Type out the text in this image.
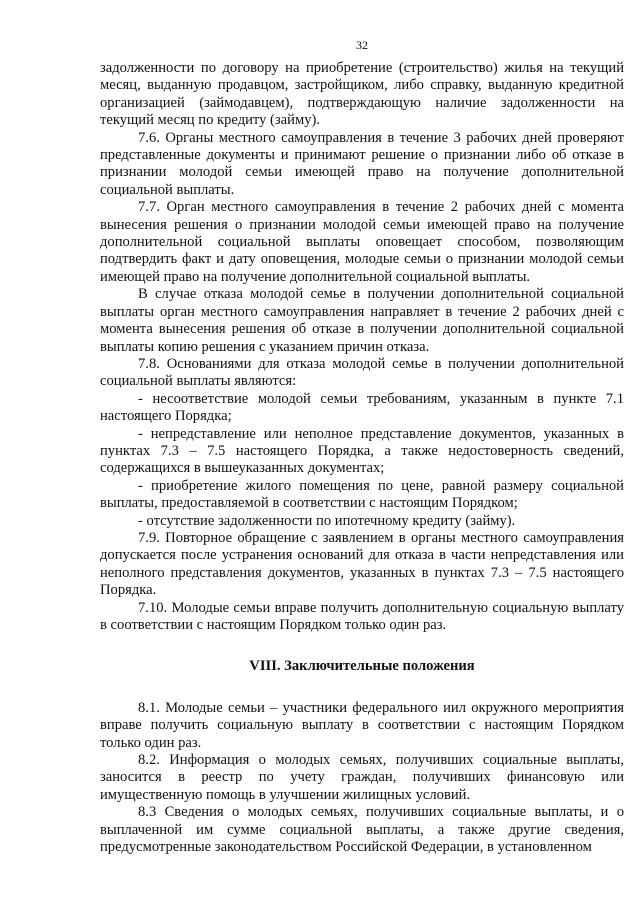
32

задолженности по договору на приобретение (строительство) жилья на текущий месяц, выданную продавцом, застройщиком, либо справку, выданную кредитной организацией (займодавцем), подтверждающую наличие задолженности на текущий месяц по кредиту (займу).

7.6. Органы местного самоуправления в течение 3 рабочих дней проверяют представленные документы и принимают решение о признании либо об отказе в признании молодой семьи имеющей право на получение дополнительной социальной выплаты.

7.7. Орган местного самоуправления в течение 2 рабочих дней с момента вынесения решения о признании молодой семьи имеющей право на получение дополнительной социальной выплаты оповещает способом, позволяющим подтвердить факт и дату оповещения, молодые семьи о признании молодой семьи имеющей право на получение дополнительной социальной выплаты.

В случае отказа молодой семье в получении дополнительной социальной выплаты орган местного самоуправления направляет в течение 2 рабочих дней с момента вынесения решения об отказе в получении дополнительной социальной выплаты копию решения с указанием причин отказа.

7.8. Основаниями для отказа молодой семье в получении дополнительной социальной выплаты являются:

- несоответствие молодой семьи требованиям, указанным в пункте 7.1 настоящего Порядка;

- непредставление или неполное представление документов, указанных в пунктах 7.3 – 7.5 настоящего Порядка, а также недостоверность сведений, содержащихся в вышеуказанных документах;

- приобретение жилого помещения по цене, равной размеру социальной выплаты, предоставляемой в соответствии с настоящим Порядком;

- отсутствие задолженности по ипотечному кредиту (займу).

7.9. Повторное обращение с заявлением в органы местного самоуправления допускается после устранения оснований для отказа в части непредставления или неполного представления документов, указанных в пунктах 7.3 – 7.5 настоящего Порядка.

7.10. Молодые семьи вправе получить дополнительную социальную выплату в соответствии с настоящим Порядком только один раз.

VIII. Заключительные положения

8.1. Молодые семьи – участники федерального иил окружного мероприятия вправе получить социальную выплату в соответствии с настоящим Порядком только один раз.

8.2. Информация о молодых семьях, получивших социальные выплаты, заносится в реестр по учету граждан, получивших финансовую или имущественную помощь в улучшении жилищных условий.

8.3 Сведения о молодых семьях, получивших социальные выплаты, и о выплаченной им сумме социальной выплаты, а также другие сведения, предусмотренные законодательством Российской Федерации, в установленном
